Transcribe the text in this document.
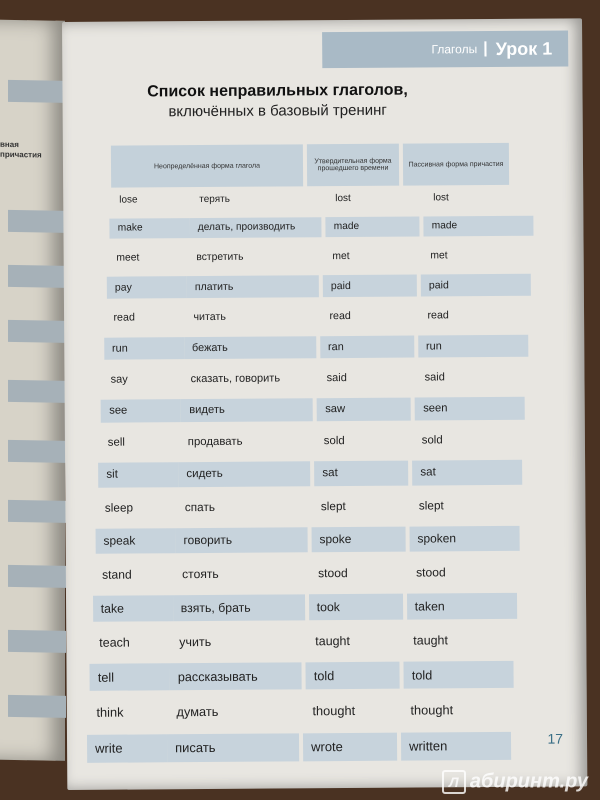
вная причастия
Глаголы | Урок 1
Список неправильных глаголов,
включённых в базовый тренинг
Неопределённая форма глагола
Утвердительная форма прошедшего времени
Пассивная форма причастия
lose	терять	lost	lost
make	делать, производить	made	made
meet	встретить	met	met
pay	платить	paid	paid
read	читать	read	read
run	бежать	ran	run
say	сказать, говорить	said	said
see	видеть	saw	seen
sell	продавать	sold	sold
sit	сидеть	sat	sat
sleep	спать	slept	slept
speak	говорить	spoke	spoken
stand	стоять	stood	stood
take	взять, брать	took	taken
teach	учить	taught	taught
tell	рассказывать	told	told
think	думать	thought	thought
write	писать	wrote	written	17
Л абиринт.ру
